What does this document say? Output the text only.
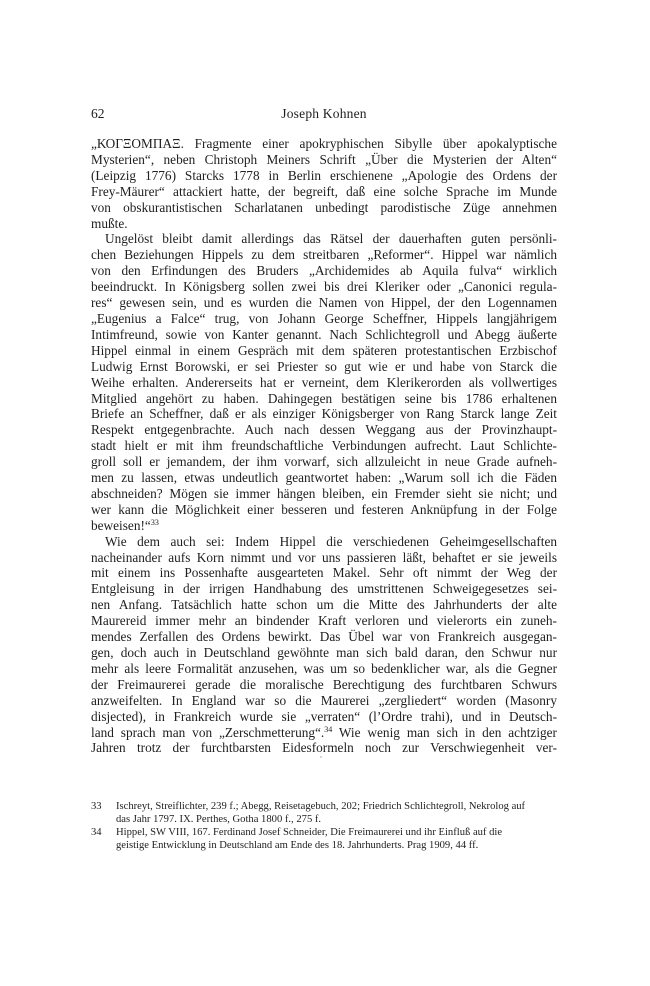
62	Joseph Kohnen

„ΚΟΓΞΟΜΠΑΞ. Fragmente einer apokryphischen Sibylle über apokalyptische
Mysterien“, neben Christoph Meiners Schrift „Über die Mysterien der Alten“
(Leipzig 1776) Starcks 1778 in Berlin erschienene „Apologie des Ordens der
Frey-Mäurer“ attackiert hatte, der begreift, daß eine solche Sprache im Munde
von obskurantistischen Scharlatanen unbedingt parodistische Züge annehmen
mußte.

Ungelöst bleibt damit allerdings das Rätsel der dauerhaften guten persönli-
chen Beziehungen Hippels zu dem streitbaren „Reformer“. Hippel war nämlich
von den Erfindungen des Bruders „Archidemides ab Aquila fulva“ wirklich
beeindruckt. In Königsberg sollen zwei bis drei Kleriker oder „Canonici regula-
res“ gewesen sein, und es wurden die Namen von Hippel, der den Logennamen
„Eugenius a Falce“ trug, von Johann George Scheffner, Hippels langjährigem
Intimfreund, sowie von Kanter genannt. Nach Schlichtegroll und Abegg äußerte
Hippel einmal in einem Gespräch mit dem späteren protestantischen Erzbischof
Ludwig Ernst Borowski, er sei Priester so gut wie er und habe von Starck die
Weihe erhalten. Andererseits hat er verneint, dem Klerikerorden als vollwertiges
Mitglied angehört zu haben. Dahingegen bestätigen seine bis 1786 erhaltenen
Briefe an Scheffner, daß er als einziger Königsberger von Rang Starck lange Zeit
Respekt entgegenbrachte. Auch nach dessen Weggang aus der Provinzhaupt-
stadt hielt er mit ihm freundschaftliche Verbindungen aufrecht. Laut Schlichte-
groll soll er jemandem, der ihm vorwarf, sich allzuleicht in neue Grade aufneh-
men zu lassen, etwas undeutlich geantwortet haben: „Warum soll ich die Fäden
abschneiden? Mögen sie immer hängen bleiben, ein Fremder sieht sie nicht; und
wer kann die Möglichkeit einer besseren und festeren Anknüpfung in der Folge
beweisen!“$^{33}$

Wie dem auch sei: Indem Hippel die verschiedenen Geheimgesellschaften
nacheinander aufs Korn nimmt und vor uns passieren läßt, behaftet er sie jeweils
mit einem ins Possenhafte ausgearteten Makel. Sehr oft nimmt der Weg der
Entgleisung in der irrigen Handhabung des umstrittenen Schweigegesetzes sei-
nen Anfang. Tatsächlich hatte schon um die Mitte des Jahrhunderts der alte
Maurereid immer mehr an bindender Kraft verloren und vielerorts ein zuneh-
mendes Zerfallen des Ordens bewirkt. Das Übel war von Frankreich ausgegan-
gen, doch auch in Deutschland gewöhnte man sich bald daran, den Schwur nur
mehr als leere Formalität anzusehen, was um so bedenklicher war, als die Gegner
der Freimaurerei gerade die moralische Berechtigung des furchtbaren Schwurs
anzweifelten. In England war so die Maurerei „zergliedert“ worden (Masonry
disjected), in Frankreich wurde sie „verraten“ (l’Ordre trahi), und in Deutsch-
land sprach man von „Zerschmetterung“.$^{34}$ Wie wenig man sich in den achtziger
Jahren trotz der furchtbarsten Eidesformeln noch zur Verschwiegenheit ver-

33 Ischreyt, Streiflichter, 239 f.; Abegg, Reisetagebuch, 202; Friedrich Schlichtegroll, Nekrolog auf
das Jahr 1797. IX. Perthes, Gotha 1800 f., 275 f.
34 Hippel, SW VIII, 167. Ferdinand Josef Schneider, Die Freimaurerei und ihr Einfluß auf die
geistige Entwicklung in Deutschland am Ende des 18. Jahrhunderts. Prag 1909, 44 ff.
